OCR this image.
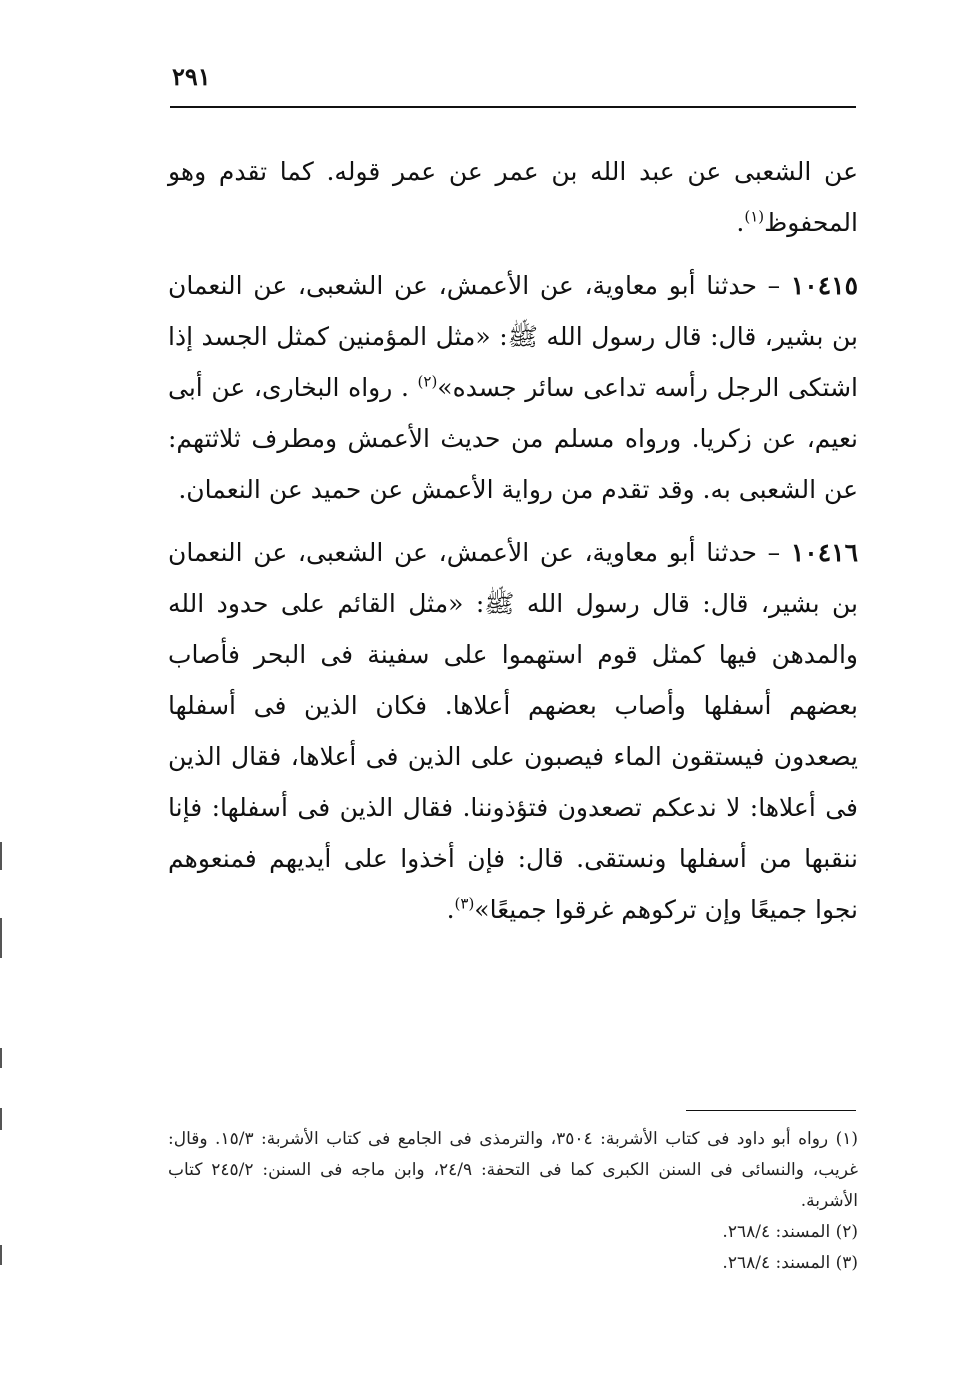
٢٩١

عن الشعبى عن عبد الله بن عمر عن عمر قوله. كما تقدم وهو المحفوظ$^{(١)}$.

١٠٤١٥ – حدثنا أبو معاوية، عن الأعمش، عن الشعبى، عن النعمان بن بشير، قال: قال رسول الله ﷺ: «مثل المؤمنين كمثل الجسد إذا اشتكى الرجل رأسه تداعى سائر جسده»$^{(٢)}$ . رواه البخارى، عن أبى نعيم، عن زكريا. ورواه مسلم من حديث الأعمش ومطرف ثلاثتهم: عن الشعبى به. وقد تقدم من رواية الأعمش عن حميد عن النعمان.

١٠٤١٦ – حدثنا أبو معاوية، عن الأعمش، عن الشعبى، عن النعمان بن بشير، قال: قال رسول الله ﷺ: «مثل القائم على حدود الله والمدهن فيها كمثل قوم استهموا على سفينة فى البحر فأصاب بعضهم أسفلها وأصاب بعضهم أعلاها. فكان الذين فى أسفلها يصعدون فيستقون الماء فيصبون على الذين فى أعلاها، فقال الذين فى أعلاها: لا ندعكم تصعدون فتؤذوننا. فقال الذين فى أسفلها: فإنا ننقبها من أسفلها ونستقى. قال: فإن أخذوا على أيديهم فمنعوهم نجوا جميعًا وإن تركوهم غرقوا جميعًا»$^{(٣)}$.

(١) رواه أبو داود فى كتاب الأشربة: ٣٥٠٤، والترمذى فى الجامع فى كتاب الأشربة: ١٥/٣. وقال: غريب، والنسائى فى السنن الكبرى كما فى التحفة: ٢٤/٩، وابن ماجه فى السنن: ٢٤٥/٢ كتاب الأشربة.

(٢) المسند: ٢٦٨/٤.

(٣) المسند: ٢٦٨/٤.
